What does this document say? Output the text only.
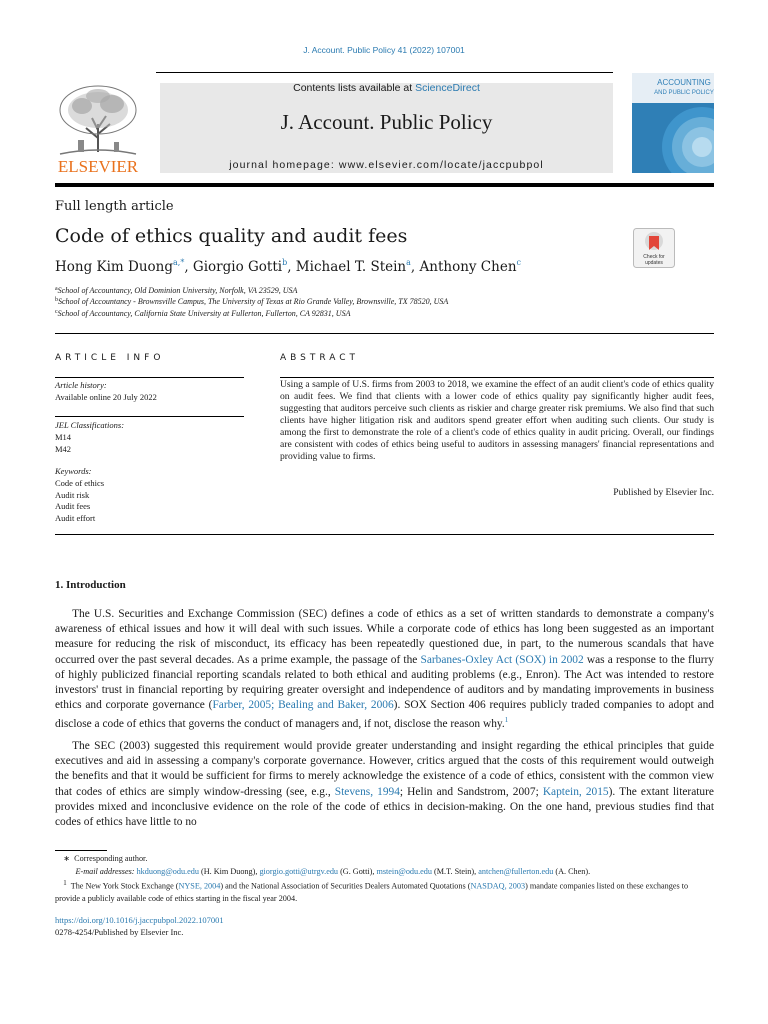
J. Account. Public Policy 41 (2022) 107001
ELSEVIER
Contents lists available at ScienceDirect
J. Account. Public Policy
journal homepage: www.elsevier.com/locate/jaccpubpol
ACCOUNTING
AND PUBLIC POLICY
Full length article
Code of ethics quality and audit fees
Check for
updates
Hong Kim Duong$^{a,*}$, Giorgio Gotti$^b$, Michael T. Stein$^a$, Anthony Chen$^c$
$^a$School of Accountancy, Old Dominion University, Norfolk, VA 23529, USA
$^b$School of Accountancy - Brownsville Campus, The University of Texas at Rio Grande Valley, Brownsville, TX 78520, USA
$^c$School of Accountancy, California State University at Fullerton, Fullerton, CA 92831, USA
ARTICLE INFO
Article history:
Available online 20 July 2022
JEL Classifications:
M14
M42
Keywords:
Code of ethics
Audit risk
Audit fees
Audit effort
ABSTRACT
Using a sample of U.S. firms from 2003 to 2018, we examine the effect of an audit client's code of ethics quality on audit fees. We find that clients with a lower code of ethics quality pay significantly higher audit fees, suggesting that auditors perceive such clients as riskier and charge greater risk premiums. We also find that such clients have higher litigation risk and auditors spend greater effort when auditing such clients. Our study is among the first to demonstrate the role of a client's code of ethics quality in audit pricing. Overall, our findings are consistent with codes of ethics being useful to auditors in assessing managers' financial representations and providing value to firms.
Published by Elsevier Inc.
1. Introduction
  The U.S. Securities and Exchange Commission (SEC) defines a code of ethics as a set of written standards to demonstrate a company's awareness of ethical issues and how it will deal with such issues. While a corporate code of ethics has long been suggested as an important measure for reducing the risk of misconduct, its efficacy has been repeatedly questioned due, in part, to the numerous scandals that have occurred over the past several decades. As a prime example, the passage of the Sarbanes-Oxley Act (SOX) in 2002 was a response to the flurry of highly publicized financial reporting scandals related to both ethical and auditing problems (e.g., Enron). The Act was intended to restore investors' trust in financial reporting by requiring greater oversight and independence of auditors and by mandating improvements in business ethics and corporate governance (Farber, 2005; Bealing and Baker, 2006). SOX Section 406 requires publicly traded companies to adopt and disclose a code of ethics that governs the conduct of managers and, if not, disclose the reason why.$^1$
  The SEC (2003) suggested this requirement would provide greater understanding and insight regarding the ethical principles that guide executives and aid in assessing a company's corporate governance. However, critics argued that the costs of this requirement would outweigh the benefits and that it would be sufficient for firms to merely acknowledge the existence of a code of ethics, consistent with the common view that codes of ethics are simply window-dressing (see, e.g., Stevens, 1994; Helin and Sandstrom, 2007; Kaptein, 2015). The extant literature provides mixed and inconclusive evidence on the role of the code of ethics in decision-making. On the one hand, previous studies find that codes of ethics have little to no
  ∗ Corresponding author.
   E-mail addresses: hkduong@odu.edu (H. Kim Duong), giorgio.gotti@utrgv.edu (G. Gotti), mstein@odu.edu (M.T. Stein), antchen@fullerton.edu (A. Chen).
  $^1$  The New York Stock Exchange (NYSE, 2004) and the National Association of Securities Dealers Automated Quotations (NASDAQ, 2003) mandate companies listed on these exchanges to provide a publicly available code of ethics starting in the fiscal year 2004.
https://doi.org/10.1016/j.jaccpubpol.2022.107001
0278-4254/Published by Elsevier Inc.
